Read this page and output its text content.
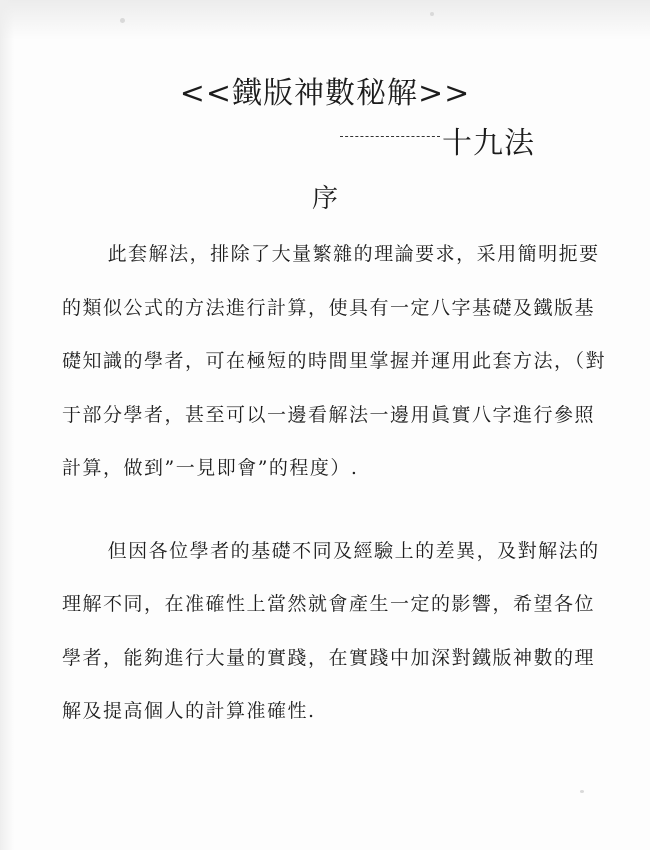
<<鐵版神數秘解>>
十九法
序

此套解法，排除了大量繁雜的理論要求，采用簡明扼要的類似公式的方法進行計算，使具有一定八字基礎及鐵版基礎知識的學者，可在極短的時間里掌握并運用此套方法，（對于部分學者，甚至可以一邊看解法一邊用眞實八字進行參照計算，做到”一見即會”的程度）.

但因各位學者的基礎不同及經驗上的差異，及對解法的理解不同，在准確性上當然就會產生一定的影響，希望各位學者，能夠進行大量的實踐，在實踐中加深對鐵版神數的理解及提高個人的計算准確性.
